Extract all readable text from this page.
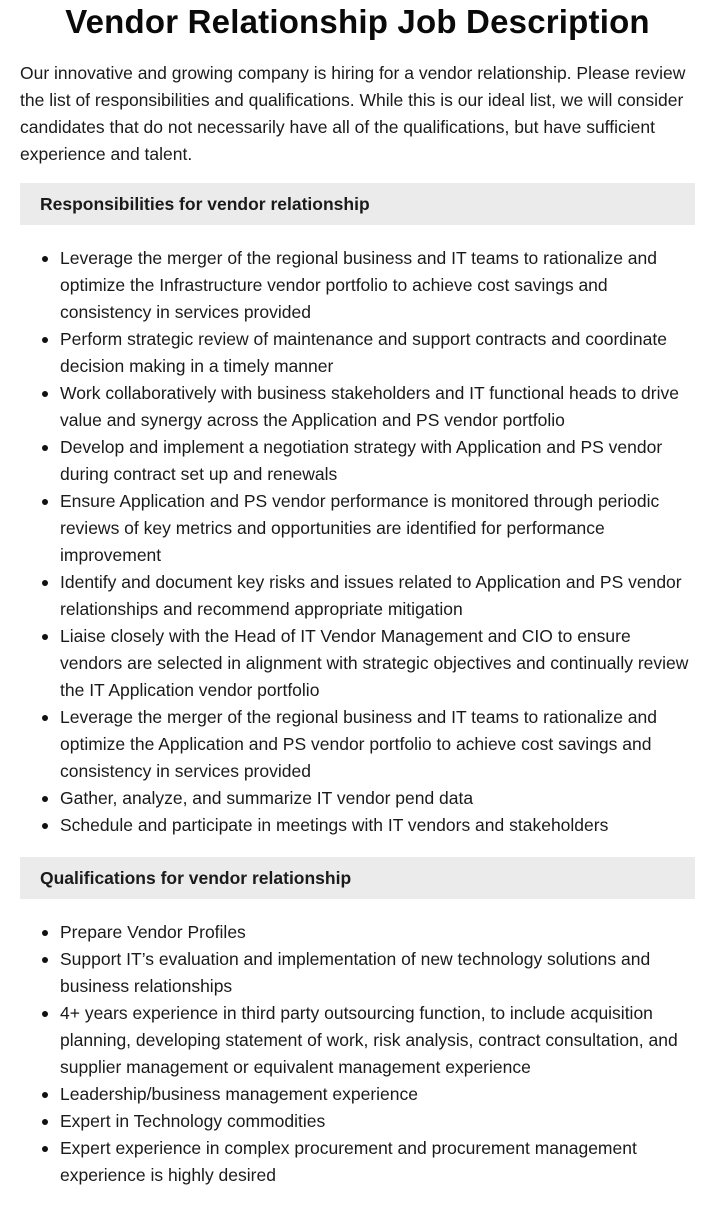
Vendor Relationship Job Description

Our innovative and growing company is hiring for a vendor relationship. Please review the list of responsibilities and qualifications. While this is our ideal list, we will consider candidates that do not necessarily have all of the qualifications, but have sufficient experience and talent.

Responsibilities for vendor relationship
Leverage the merger of the regional business and IT teams to rationalize and optimize the Infrastructure vendor portfolio to achieve cost savings and consistency in services provided
Perform strategic review of maintenance and support contracts and coordinate decision making in a timely manner
Work collaboratively with business stakeholders and IT functional heads to drive value and synergy across the Application and PS vendor portfolio
Develop and implement a negotiation strategy with Application and PS vendor during contract set up and renewals
Ensure Application and PS vendor performance is monitored through periodic reviews of key metrics and opportunities are identified for performance improvement
Identify and document key risks and issues related to Application and PS vendor relationships and recommend appropriate mitigation
Liaise closely with the Head of IT Vendor Management and CIO to ensure vendors are selected in alignment with strategic objectives and continually review the IT Application vendor portfolio
Leverage the merger of the regional business and IT teams to rationalize and optimize the Application and PS vendor portfolio to achieve cost savings and consistency in services provided
Gather, analyze, and summarize IT vendor pend data
Schedule and participate in meetings with IT vendors and stakeholders
Qualifications for vendor relationship
Prepare Vendor Profiles
Support IT’s evaluation and implementation of new technology solutions and business relationships
4+ years experience in third party outsourcing function, to include acquisition planning, developing statement of work, risk analysis, contract consultation, and supplier management or equivalent management experience
Leadership/business management experience
Expert in Technology commodities
Expert experience in complex procurement and procurement management experience is highly desired
